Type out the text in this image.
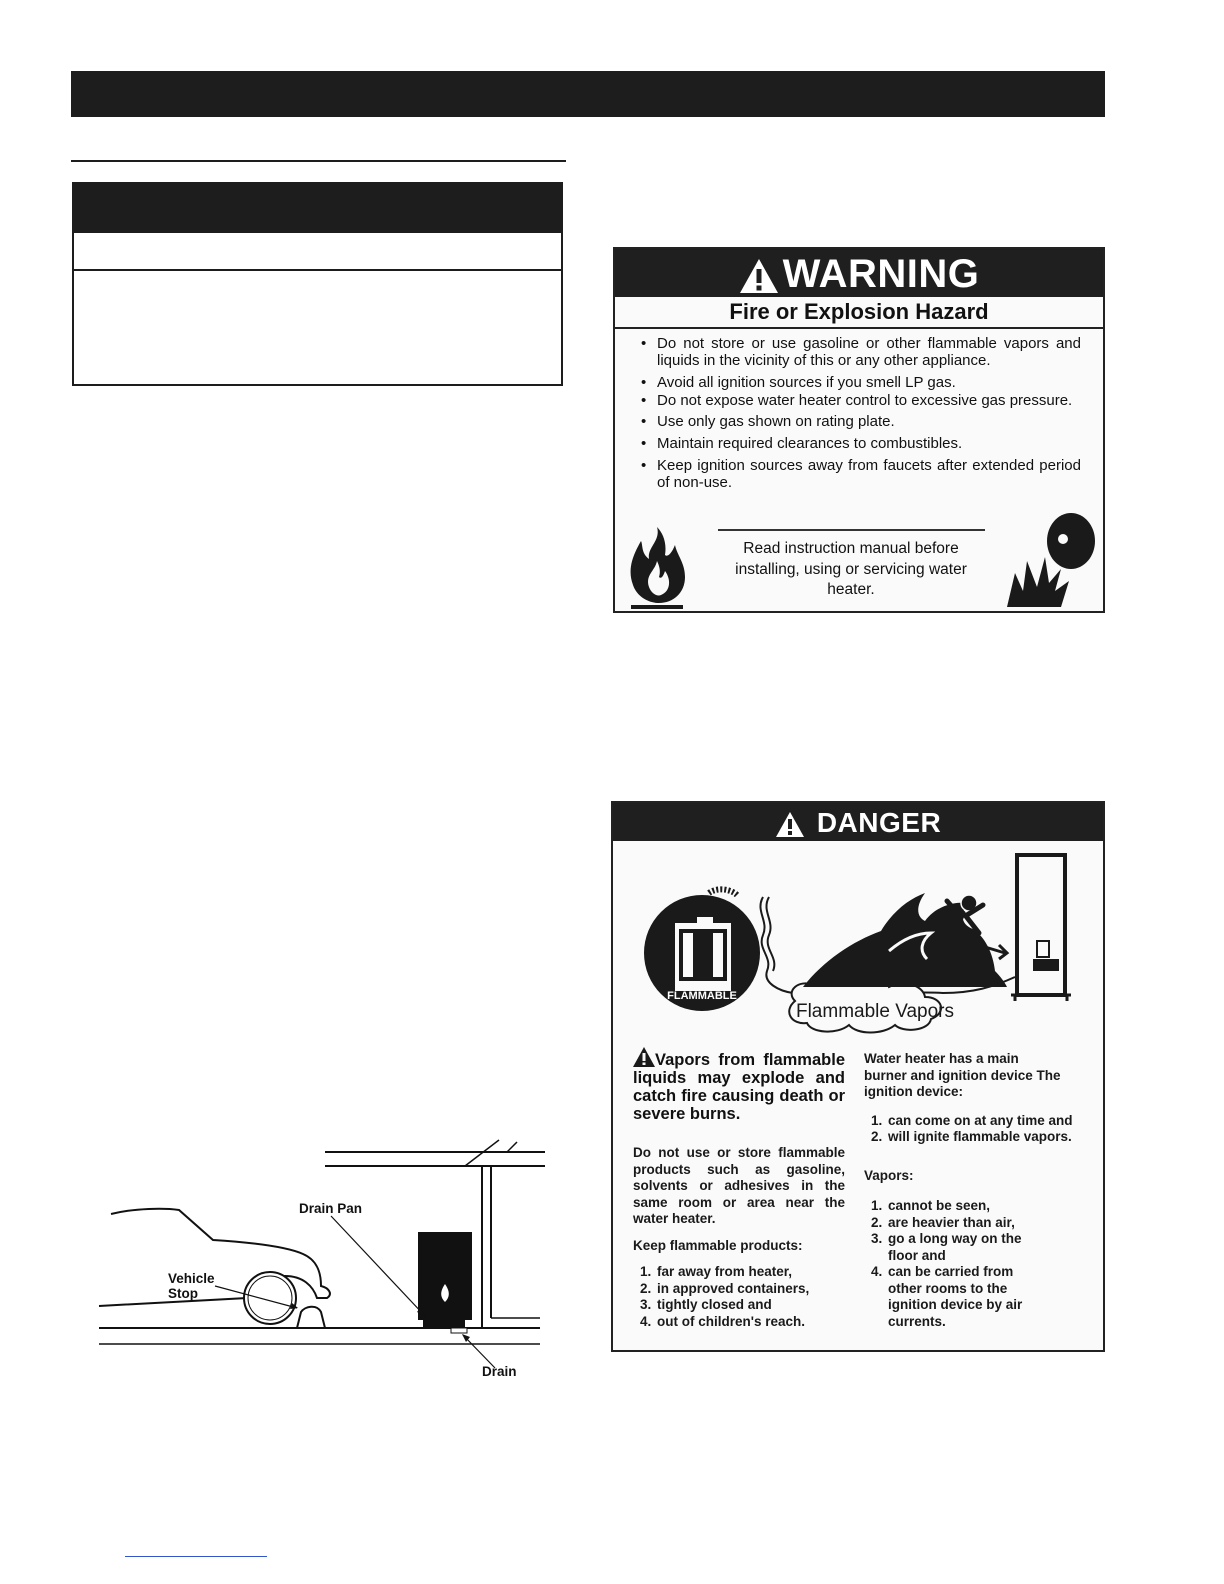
WARNING
Fire or Explosion Hazard
• Do not store or use gasoline or other flammable vapors and liquids in the vicinity of this or any other appliance.
• Avoid all ignition sources if you smell LP gas.
• Do not expose water heater control to excessive gas pressure.
• Use only gas shown on rating plate.
• Maintain required clearances to combustibles.
• Keep ignition sources away from faucets after extended period of non-use.
Read instruction manual before installing, using or servicing water heater.
DANGER
FLAMMABLE
Flammable Vapors
Vapors from flammable liquids may explode and catch fire causing death or severe burns.
Do not use or store flammable products such as gasoline, solvents or adhesives in the same room or area near the water heater.
Keep flammable products:
1. far away from heater,
2. in approved containers,
3. tightly closed and
4. out of children's reach.
Water heater has a main burner and ignition device The ignition device:
1. can come on at any time and
2. will ignite flammable vapors.
Vapors:
1. cannot be seen,
2. are heavier than air,
3. go a long way on the floor and
4. can be carried from other rooms to the ignition device by air currents.
Drain Pan
Vehicle
Stop
Drain
